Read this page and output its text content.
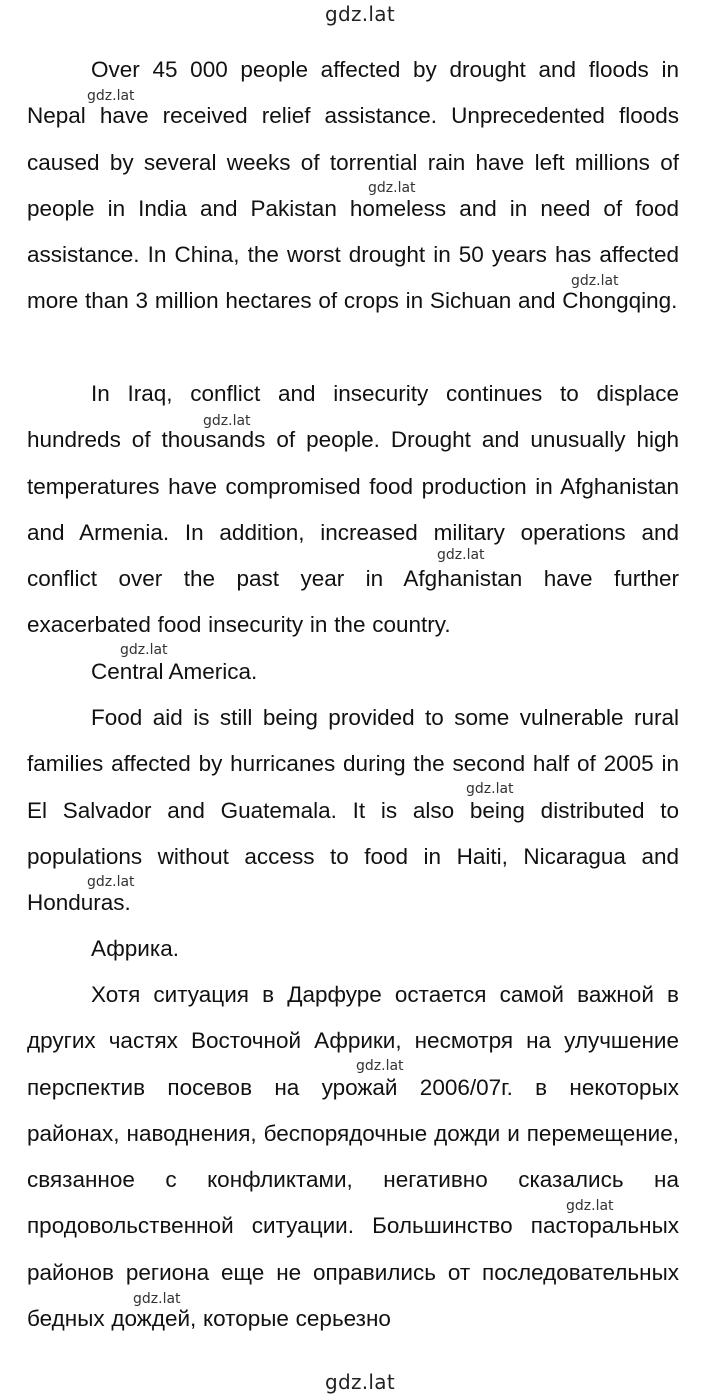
gdz.lat

Over 45 000 people affected by drought and floods in Nepal have received relief assistance. Unprecedented floods caused by several weeks of torrential rain have left millions of people in India and Pakistan homeless and in need of food assistance. In China, the worst drought in 50 years has affected more than 3 million hectares of crops in Sichuan and Chongqing.

In Iraq, conflict and insecurity continues to displace hundreds of thousands of people. Drought and unusually high temperatures have compromised food production in Afghanistan and Armenia. In addition, increased military operations and conflict over the past year in Afghanistan have further exacerbated food insecurity in the country.

Central America.

Food aid is still being provided to some vulnerable rural families affected by hurricanes during the second half of 2005 in El Salvador and Guatemala. It is also being distributed to populations without access to food in Haiti, Nicaragua and Honduras.

Африка.

Хотя ситуация в Дарфуре остается самой важной в других частях Восточной Африки, несмотря на улучшение перспектив посевов на урожай 2006/07г. в некоторых районах, наводнения, беспорядочные дожди и перемещение, связанное с конфликтами, негативно сказались на продовольственной ситуации. Большинство пасторальных районов региона еще не оправились от последовательных бедных дождей, которые серьезно

gdz.lat
gdz.lat
gdz.lat
gdz.lat
gdz.lat
gdz.lat
gdz.lat
gdz.lat
gdz.lat
gdz.lat
gdz.lat
gdz.lat
